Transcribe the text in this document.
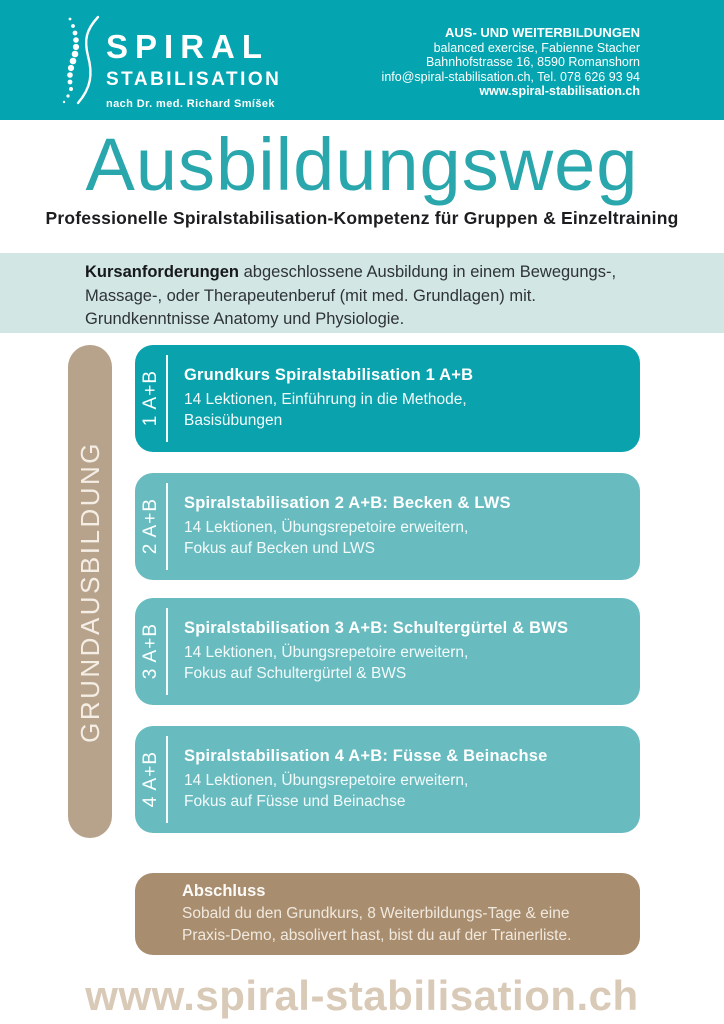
SPIRAL
STABILISATION
nach Dr. med. Richard Smíšek
AUS- UND WEITERBILDUNGEN
balanced exercise, Fabienne Stacher
Bahnhofstrasse 16, 8590 Romanshorn
info@spiral-stabilisation.ch, Tel. 078 626 93 94
www.spiral-stabilisation.ch
Ausbildungsweg
Professionelle Spiralstabilisation-Kompetenz für Gruppen & Einzeltraining
Kursanforderungen abgeschlossene Ausbildung in einem Bewegungs-, Massage-, oder Therapeutenberuf (mit med. Grundlagen) mit. Grundkenntnisse Anatomy und Physiologie.
GRUNDAUSBILDUNG
1 A+B Grundkurs Spiralstabilisation 1 A+B
14 Lektionen, Einführung in die Methode,
Basisübungen
2 A+B Spiralstabilisation 2 A+B: Becken & LWS
14 Lektionen, Übungsrepetoire erweitern,
Fokus auf Becken und LWS
3 A+B Spiralstabilisation 3 A+B: Schultergürtel & BWS
14 Lektionen, Übungsrepetoire erweitern,
Fokus auf Schultergürtel & BWS
4 A+B Spiralstabilisation 4 A+B: Füsse & Beinachse
14 Lektionen, Übungsrepetoire erweitern,
Fokus auf Füsse und Beinachse
Abschluss
Sobald du den Grundkurs, 8 Weiterbildungs-Tage & eine Praxis-Demo, absolivert hast, bist du auf der Trainerliste.
www.spiral-stabilisation.ch
